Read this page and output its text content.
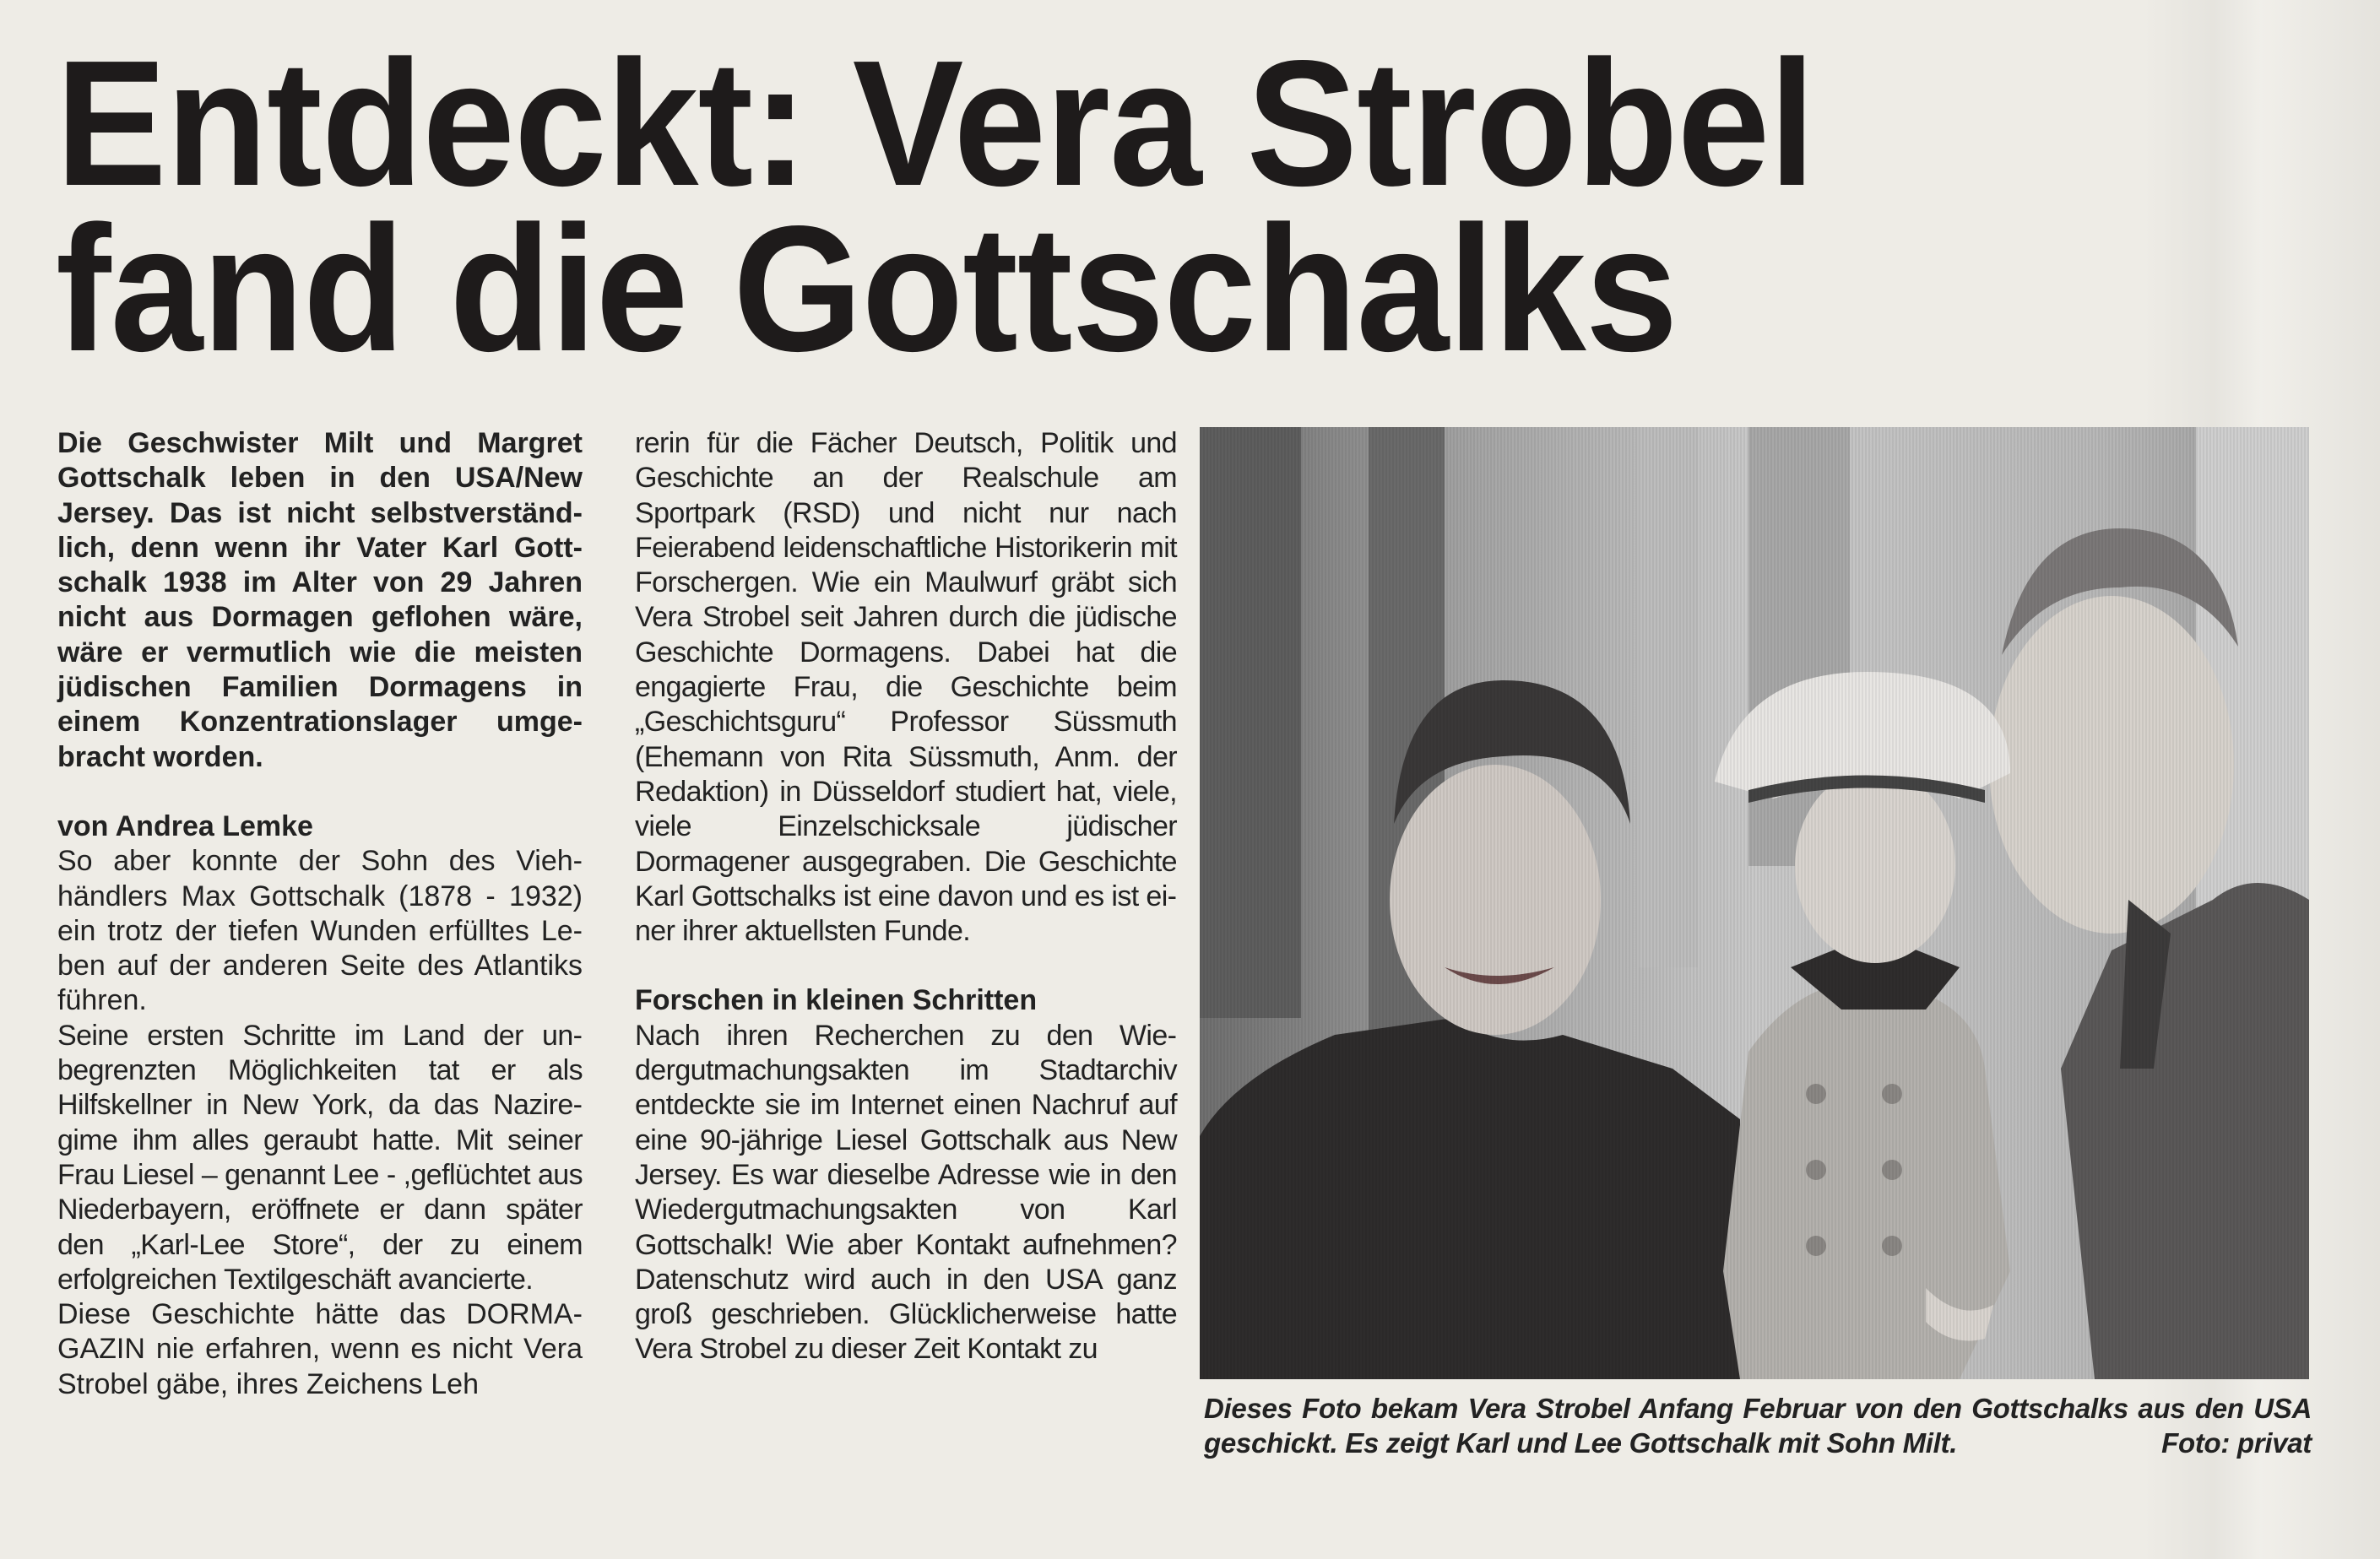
Entdeckt: Vera Strobel
fand die Gottschalks

Die Geschwister Milt und Margret Gottschalk leben in den USA/New Jersey. Das ist nicht selbstverständlich, denn wenn ihr Vater Karl Gottschalk 1938 im Alter von 29 Jahren nicht aus Dormagen geflohen wäre, wäre er vermutlich wie die meisten jüdischen Familien Dormagens in einem Konzentrationslager umgebracht worden.

von Andrea Lemke

So aber konnte der Sohn des Viehhändlers Max Gottschalk (1878 - 1932) ein trotz der tiefen Wunden erfülltes Leben auf der anderen Seite des Atlantiks führen.

Seine ersten Schritte im Land der unbegrenzten Möglichkeiten tat er als Hilfskellner in New York, da das Naziregime ihm alles geraubt hatte. Mit seiner Frau Liesel – genannt Lee - ,geflüchtet aus Niederbayern, eröffnete er dann später den „Karl-Lee Store“, der zu einem erfolgreichen Textilgeschäft avancierte.

Diese Geschichte hätte das DORMAGAZIN nie erfahren, wenn es nicht Vera Strobel gäbe, ihres Zeichens Leh

rerin für die Fächer Deutsch, Politik und Geschichte an der Realschule am Sportpark (RSD) und nicht nur nach Feierabend leidenschaftliche Historikerin mit Forschergen. Wie ein Maulwurf gräbt sich Vera Strobel seit Jahren durch die jüdische Geschichte Dormagens. Dabei hat die engagierte Frau, die Geschichte beim „Geschichtsguru“ Professor Süssmuth (Ehemann von Rita Süssmuth, Anm. der Redaktion) in Düsseldorf studiert hat, viele, viele Einzelschicksale jüdischer Dormagener ausgegraben. Die Geschichte Karl Gottschalks ist eine davon und es ist einer ihrer aktuellsten Funde.

Forschen in kleinen Schritten

Nach ihren Recherchen zu den Wiedergutmachungsakten im Stadtarchiv entdeckte sie im Internet einen Nachruf auf eine 90-jährige Liesel Gottschalk aus New Jersey. Es war dieselbe Adresse wie in den Wiedergutmachungsakten von Karl Gottschalk! Wie aber Kontakt aufnehmen? Datenschutz wird auch in den USA ganz groß geschrieben. Glücklicherweise hatte Vera Strobel zu dieser Zeit Kontakt zu

Dieses Foto bekam Vera Strobel Anfang Februar von den Gottschalks aus den USA geschickt. Es zeigt Karl und Lee Gottschalk mit Sohn Milt.	Foto: privat
